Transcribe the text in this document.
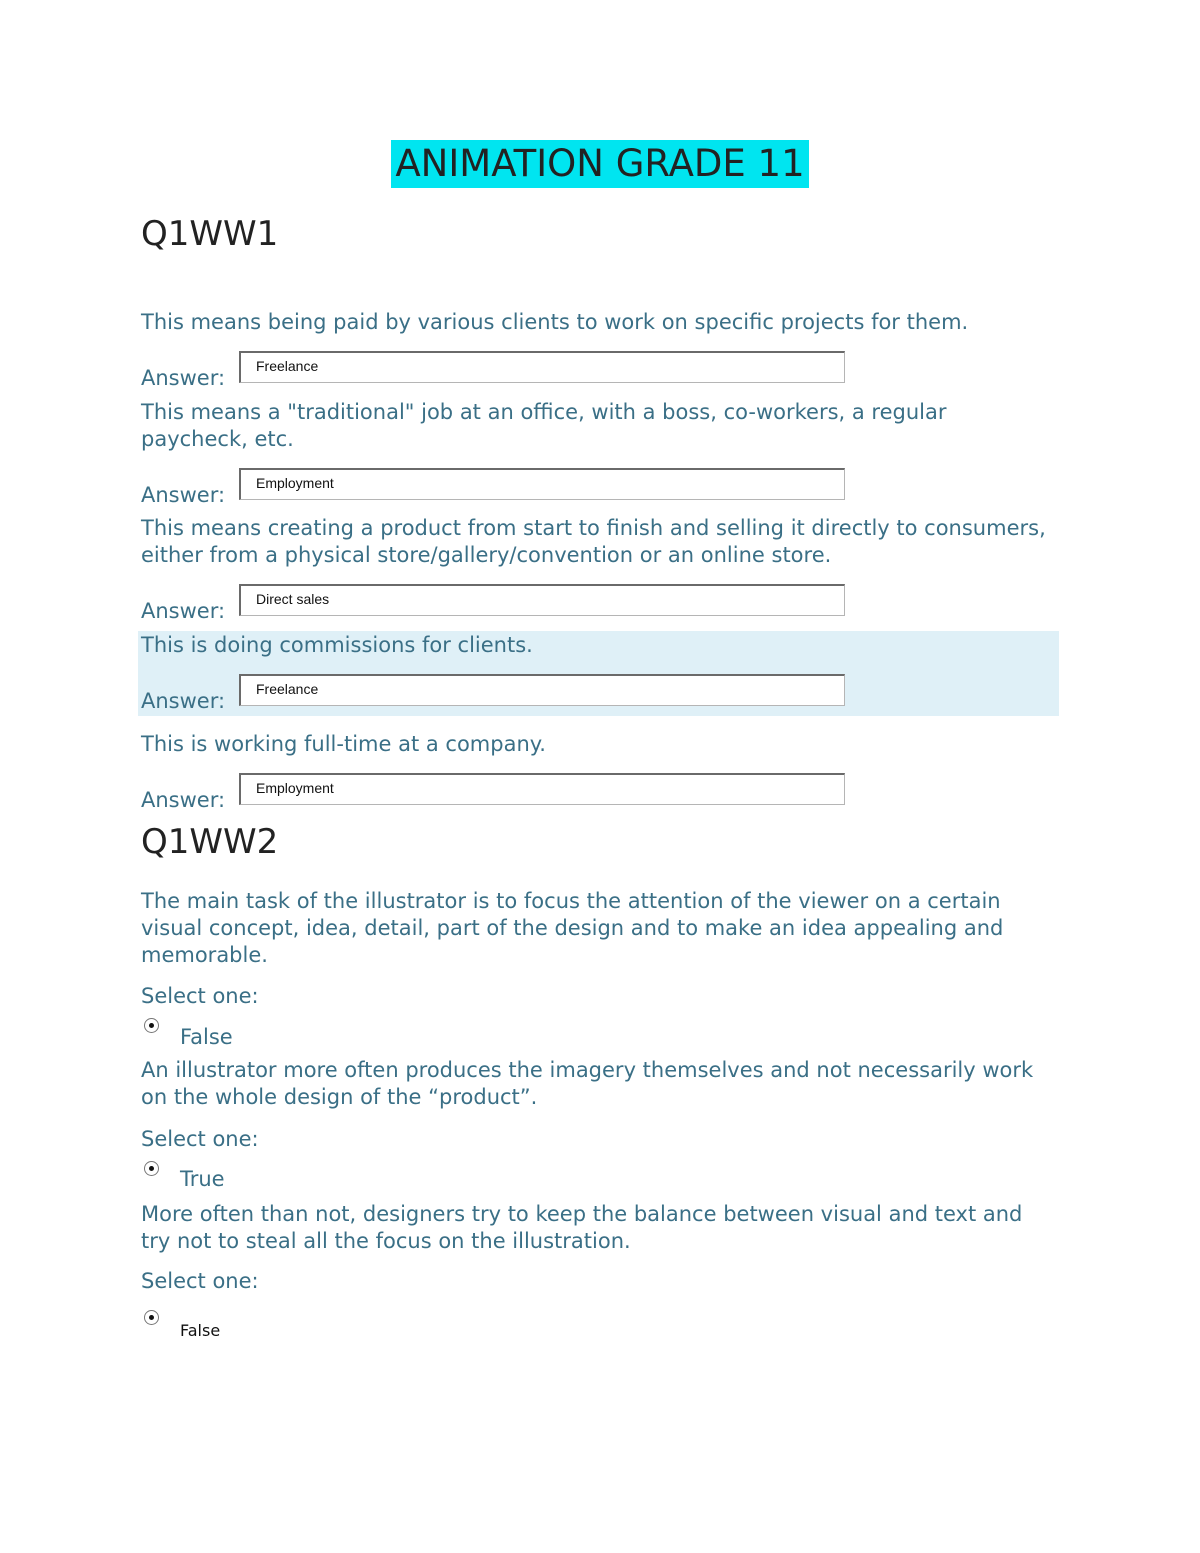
ANIMATION GRADE 11
Q1WW1
This means being paid by various clients to work on specific projects for them.
Answer:	Freelance
This means a "traditional" job at an office, with a boss, co-workers, a regular paycheck, etc.
Answer:	Employment
This means creating a product from start to finish and selling it directly to consumers, either from a physical store/gallery/convention or an online store.
Answer:	Direct sales
This is doing commissions for clients.
Answer:	Freelance
This is working full-time at a company.
Answer:	Employment
Q1WW2
The main task of the illustrator is to focus the attention of the viewer on a certain visual concept, idea, detail, part of the design and to make an idea appealing and memorable.
Select one:
False
An illustrator more often produces the imagery themselves and not necessarily work on the whole design of the “product”.
Select one:
True
More often than not, designers try to keep the balance between visual and text and try not to steal all the focus on the illustration.
Select one:
False
